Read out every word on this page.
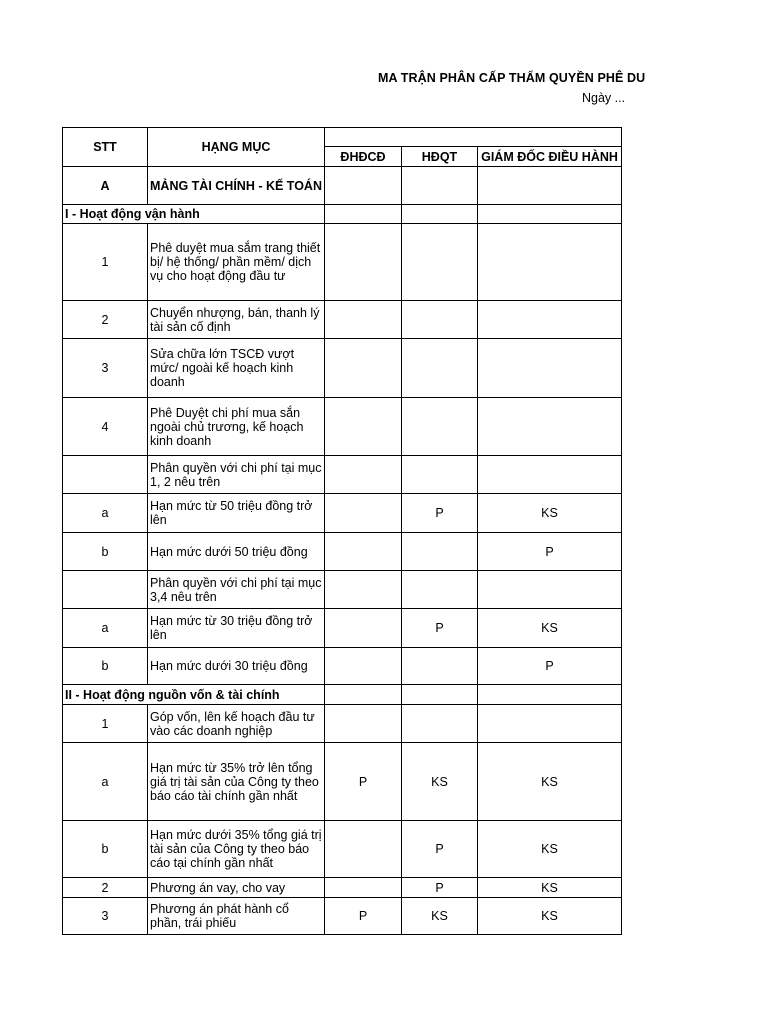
MA TRẬN PHÂN CẤP THẨM QUYỀN PHÊ DU
Ngày ...
STT	HẠNG MỤC			
		ĐHĐCĐ	HĐQT	GIÁM ĐỐC ĐIỀU HÀNH
A	MẢNG TÀI CHÍNH - KẾ TOÁN			
I - Hoạt động vận hành				
1	Phê duyệt mua sắm trang thiết bị/ hệ thống/ phần mềm/ dịch vụ cho hoạt động đầu tư			
2	Chuyển nhượng, bán, thanh lý tài sản cố định			
3	Sửa chữa lớn TSCĐ vượt mức/ ngoài kế hoạch kinh doanh			
4	Phê Duyệt chi phí mua sắn ngoài chủ trương, kế hoạch kinh doanh			
	Phân quyền với chi phí tại mục 1, 2 nêu trên			
a	Hạn mức từ 50 triệu đồng trở lên		P	KS
b	Hạn mức dưới 50 triệu đồng			P
	Phân quyền với chi phí tại mục 3,4 nêu trên			
a	Hạn mức từ 30 triệu đồng trở lên		P	KS
b	Hạn mức dưới 30 triệu đồng			P
II - Hoạt động nguồn vốn & tài chính				
1	Góp vốn, lên kế hoạch đầu tư vào các doanh nghiệp			
a	Hạn mức từ 35% trở lên tổng giá trị tài sản của Công ty theo báo cáo tài chính gần nhất	P	KS	KS
b	Hạn mức dưới 35% tổng giá trị tài sản của Công ty theo báo cáo tại chính gần nhất		P	KS
2	Phương án vay, cho vay		P	KS
3	Phương án phát hành cổ phần, trái phiếu	P	KS	KS
